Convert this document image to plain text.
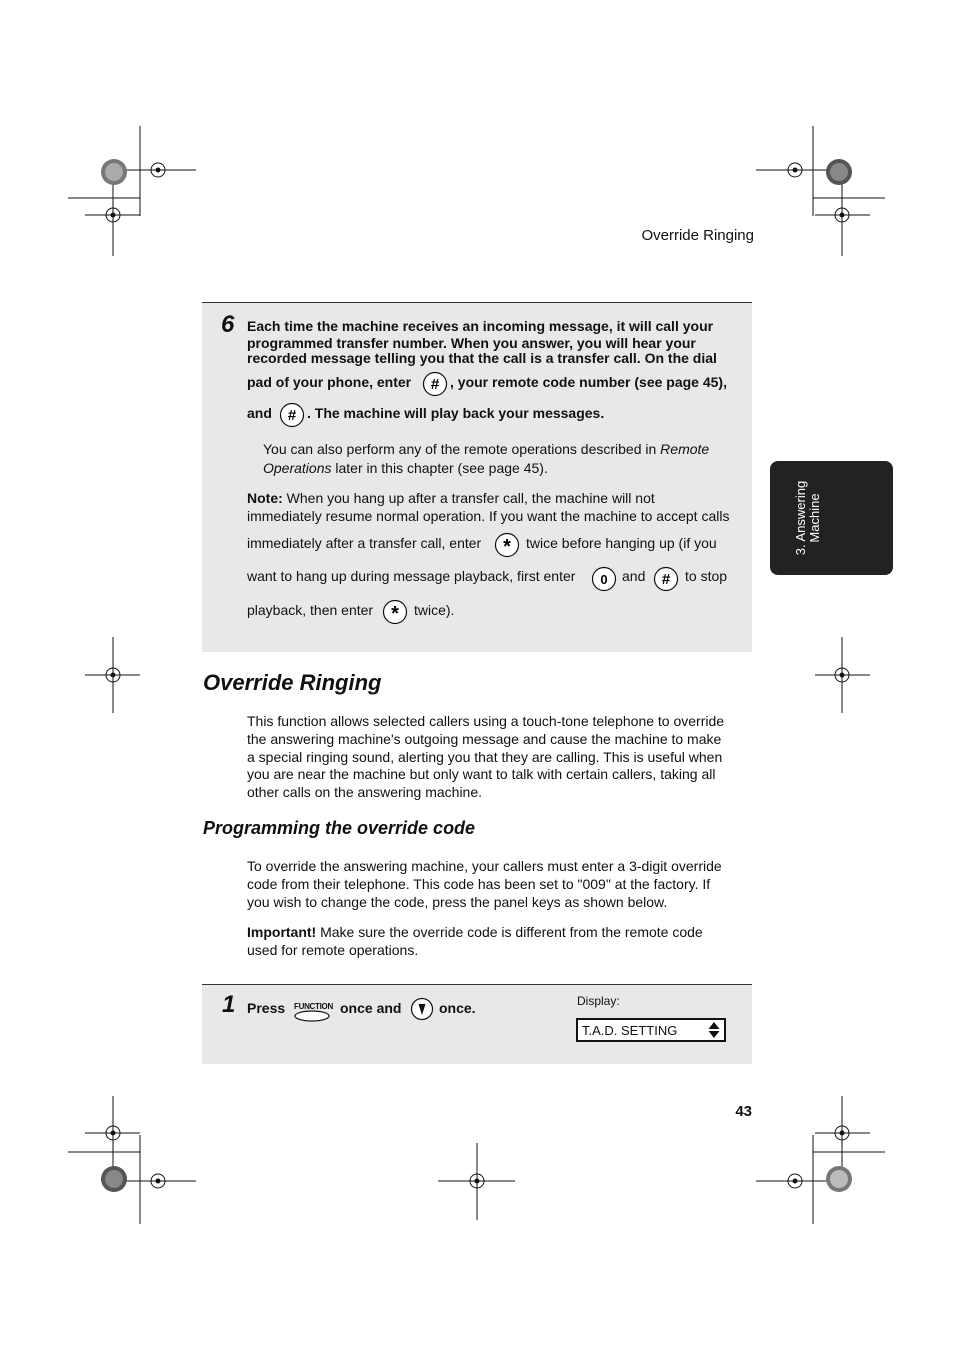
Override Ringing
3. Answering Machine
6 Each time the machine receives an incoming message, it will call your
programmed transfer number. When you answer, you will hear your
recorded message telling you that the call is a transfer call. On the dial
pad of your phone, enter # , your remote code number (see page 45),
and # . The machine will play back your messages.
You can also perform any of the remote operations described in Remote Operations later in this chapter (see page 45).
Note: When you hang up after a transfer call, the machine will not
immediately resume normal operation. If you want the machine to accept calls
immediately after a transfer call, enter * twice before hanging up (if you
want to hang up during message playback, first enter 0 and # to stop
playback, then enter * twice).
Override Ringing
This function allows selected callers using a touch-tone telephone to override
the answering machine's outgoing message and cause the machine to make
a special ringing sound, alerting you that they are calling. This is useful when
you are near the machine but only want to talk with certain callers, taking all
other calls on the answering machine.
Programming the override code
To override the answering machine, your callers must enter a 3-digit override
code from their telephone. This code has been set to "009" at the factory. If
you wish to change the code, press the panel keys as shown below.
Important! Make sure the override code is different from the remote code
used for remote operations.
1 Press FUNCTION once and	once.	Display:
T.A.D. SETTING
43
